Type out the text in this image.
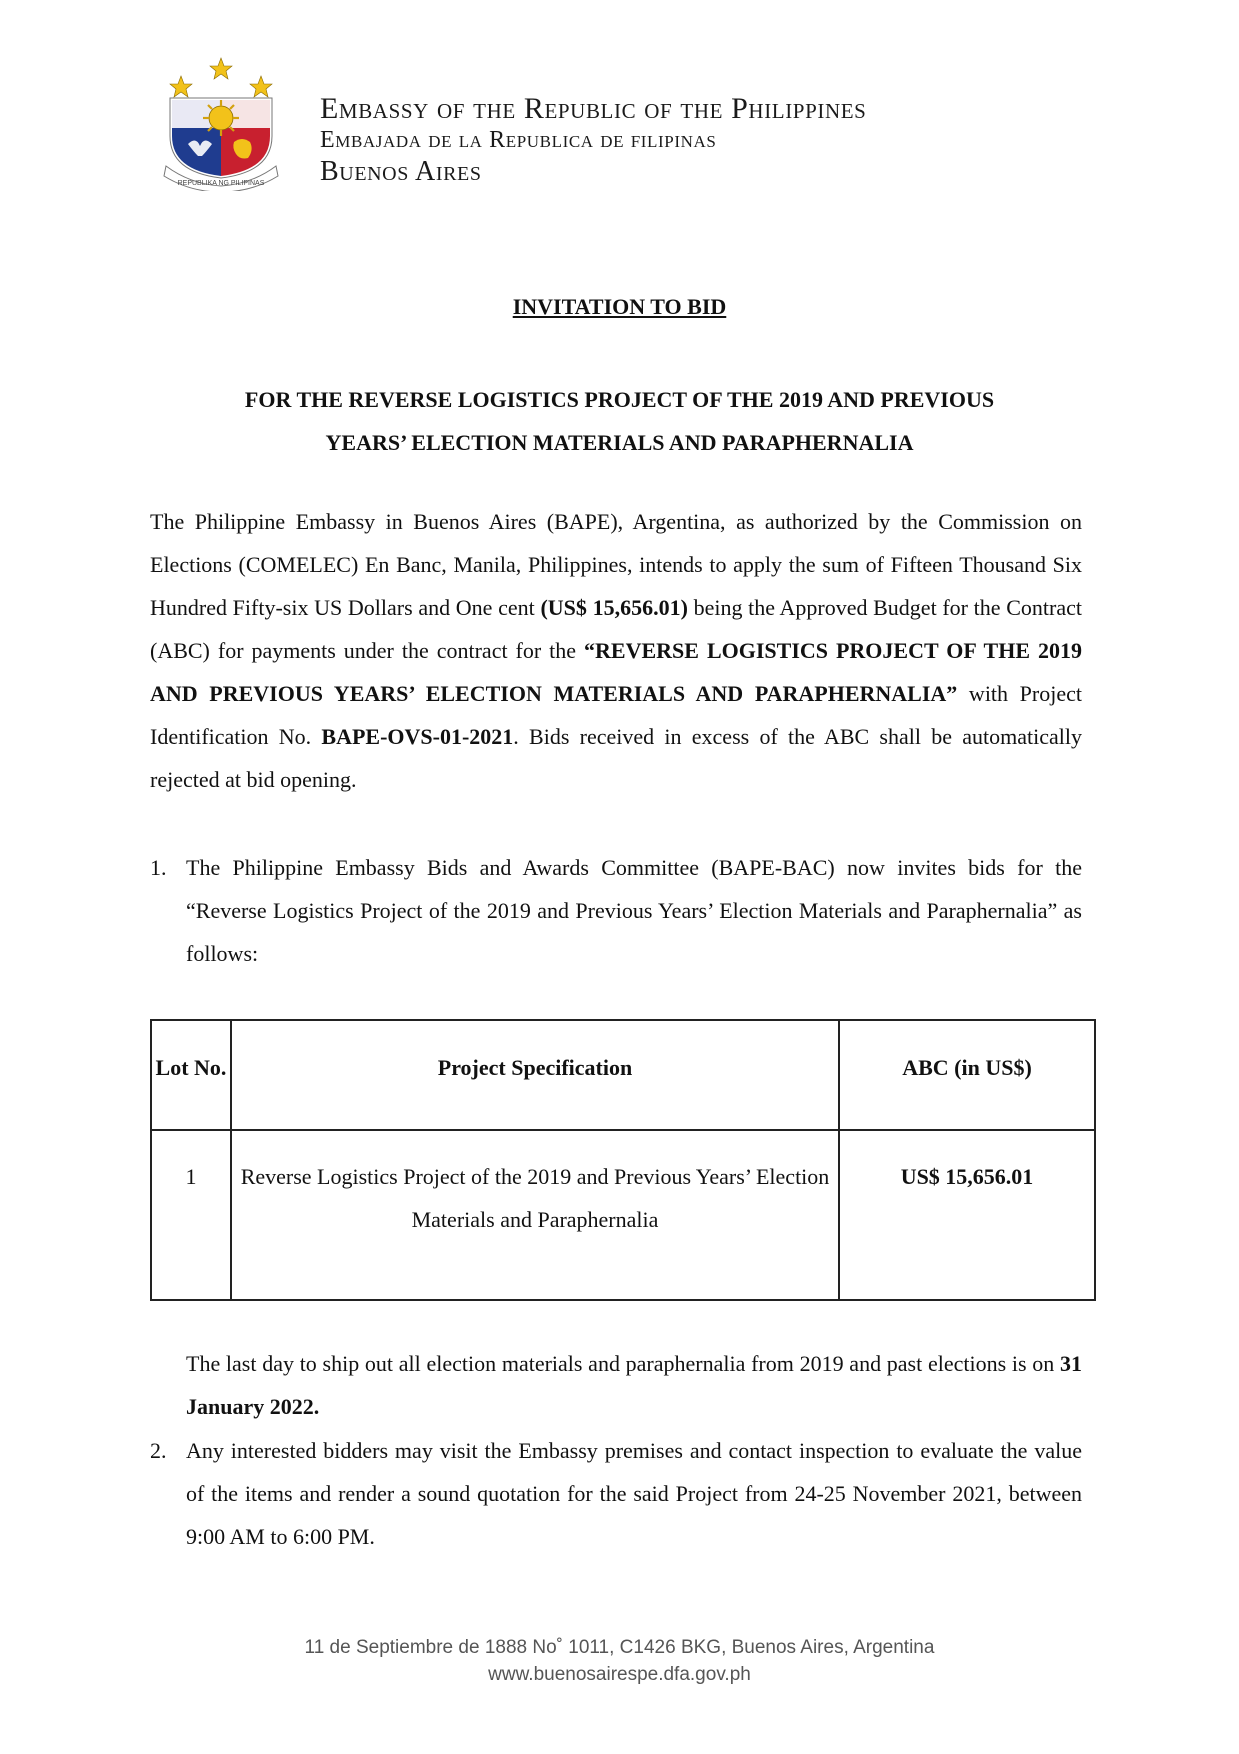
REPUBLIKA NG PILIPINAS
Embassy of the Republic of the Philippines
Embajada de la Republica de filipinas
Buenos Aires
INVITATION TO BID
FOR THE REVERSE LOGISTICS PROJECT OF THE 2019 AND PREVIOUS
YEARS’ ELECTION MATERIALS AND PARAPHERNALIA
The Philippine Embassy in Buenos Aires (BAPE), Argentina, as authorized by the Commission on Elections (COMELEC) En Banc, Manila, Philippines, intends to apply the sum of Fifteen Thousand Six Hundred Fifty-six US Dollars and One cent (US$ 15,656.01) being the Approved Budget for the Contract (ABC) for payments under the contract for the “REVERSE LOGISTICS PROJECT OF THE 2019 AND PREVIOUS YEARS’ ELECTION MATERIALS AND PARAPHERNALIA” with Project Identification No. BAPE-OVS-01-2021. Bids received in excess of the ABC shall be automatically rejected at bid opening.
1. The Philippine Embassy Bids and Awards Committee (BAPE-BAC) now invites bids for the “Reverse Logistics Project of the 2019 and Previous Years’ Election Materials and Paraphernalia” as follows:
Lot No.	Project Specification	ABC (in US$)
1	Reverse Logistics Project of the 2019 and Previous Years’ Election Materials and Paraphernalia	US$ 15,656.01
The last day to ship out all election materials and paraphernalia from 2019 and past elections is on 31 January 2022.
2. Any interested bidders may visit the Embassy premises and contact inspection to evaluate the value of the items and render a sound quotation for the said Project from 24-25 November 2021, between 9:00 AM to 6:00 PM.
11 de Septiembre de 1888 No˚ 1011, C1426 BKG, Buenos Aires, Argentina
www.buenosairespe.dfa.gov.ph
